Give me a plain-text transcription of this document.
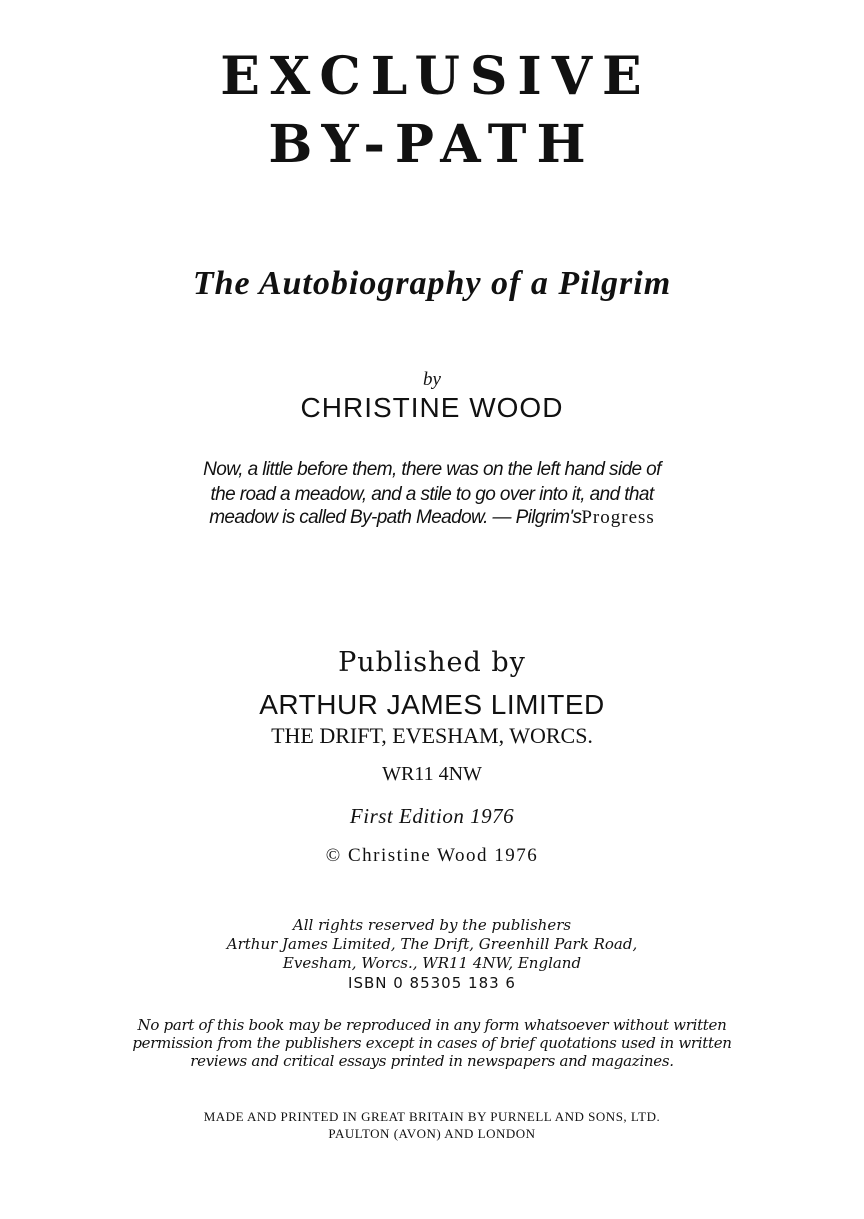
EXCLUSIVE
BY-PATH
The Autobiography of a Pilgrim

by

CHRISTINE WOOD

Now, a little before them, there was on the left hand side of

the road a meadow, and a stile to go over into it, and that

meadow is called By-path Meadow. — Pilgrim'sProgress

Published by

ARTHUR JAMES LIMITED

THE DRIFT, EVESHAM, WORCS.

WR11 4NW

First Edition 1976

© Christine Wood 1976

All rights reserved by the publishers

Arthur James Limited, The Drift, Greenhill Park Road,

Evesham, Worcs., WR11 4NW, England

ISBN 0 85305 183 6

No part of this book may be reproduced in any form whatsoever without written

permission from the publishers except in cases of brief quotations used in written

reviews and critical essays printed in newspapers and magazines.

MADE AND PRINTED IN GREAT BRITAIN BY PURNELL AND SONS, LTD.

PAULTON (AVON) AND LONDON
